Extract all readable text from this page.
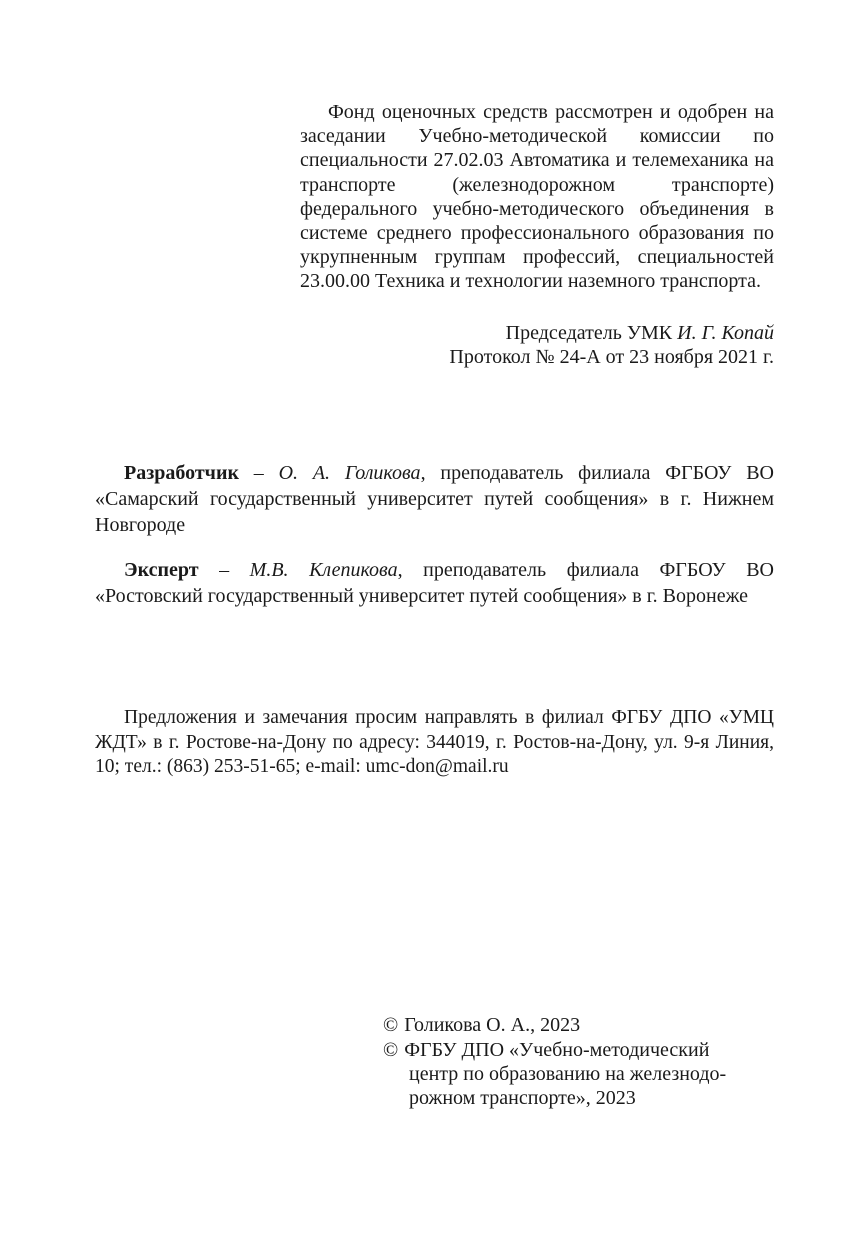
Фонд оценочных средств рассмотрен и одобрен на заседании Учебно-методической комиссии по специальности 27.02.03 Автоматика и телемеханика на транспорте (железнодорожном транспорте) федерального учебно-методического объединения в системе среднего профессионального образования по укрупненным группам профессий, специальностей 23.00.00 Техника и технологии наземного транспорта.

Председатель УМК И. Г. Копай
Протокол № 24-А от 23 ноября 2021 г.

Разработчик – О. А. Голикова, преподаватель филиала ФГБОУ ВО «Самарский государственный университет путей сообщения» в г. Нижнем Новгороде

Эксперт – М.В. Клепикова, преподаватель филиала ФГБОУ ВО «Ростовский государственный университет путей сообщения» в г. Воронеже

Предложения и замечания просим направлять в филиал ФГБУ ДПО «УМЦ ЖДТ» в г. Ростове-на-Дону по адресу: 344019, г. Ростов-на-Дону, ул. 9-я Линия, 10; тел.: (863) 253-51-65; e-mail: umc-don@mail.ru

© Голикова О. А., 2023
© ФГБУ ДПО «Учебно-методический
центр по образованию на железнодорожном транспорте», 2023
